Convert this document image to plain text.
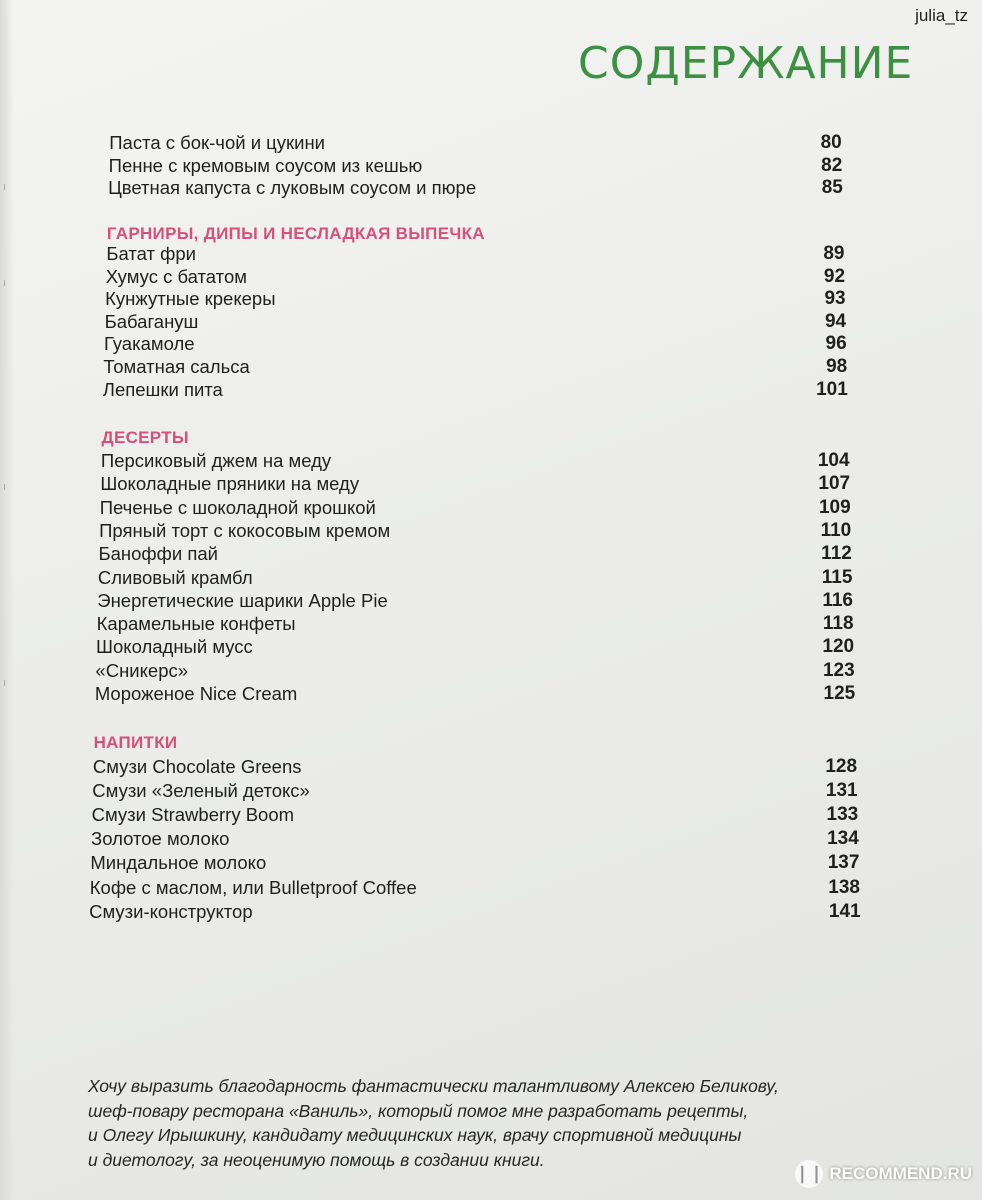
julia_tz
СОДЕРЖАНИЕ
Паста с бок-чой и цукини	80
Пенне с кремовым соусом из кешью	82
Цветная капуста с луковым соусом и пюре	85
ГАРНИРЫ, ДИПЫ И НЕСЛАДКАЯ ВЫПЕЧКА
Батат фри	89
Хумус с бататом	92
Кунжутные крекеры	93
Бабагануш	94
Гуакамоле	96
Томатная сальса	98
Лепешки пита	101
ДЕСЕРТЫ
Персиковый джем на меду	104
Шоколадные пряники на меду	107
Печенье с шоколадной крошкой	109
Пряный торт с кокосовым кремом	110
Баноффи пай	112
Сливовый крамбл	115
Энергетические шарики Apple Pie	116
Карамельные конфеты	118
Шоколадный мусс	120
«Сникерс»	123
Мороженое Nice Cream	125
НАПИТКИ
Смузи Chocolate Greens	128
Смузи «Зеленый детокс»	131
Смузи Strawberry Boom	133
Золотое молоко	134
Миндальное молоко	137
Кофе с маслом, или Bulletproof Coffee	138
Смузи-конструктор	141
Хочу выразить благодарность фантастически талантливому Алексею Беликову,
шеф-повару ресторана «Ваниль», который помог мне разработать рецепты,
и Олегу Ирышкину, кандидату медицинских наук, врачу спортивной медицины
и диетологу, за неоценимую помощь в создании книги.
❘❘ RECOMMEND.RU
